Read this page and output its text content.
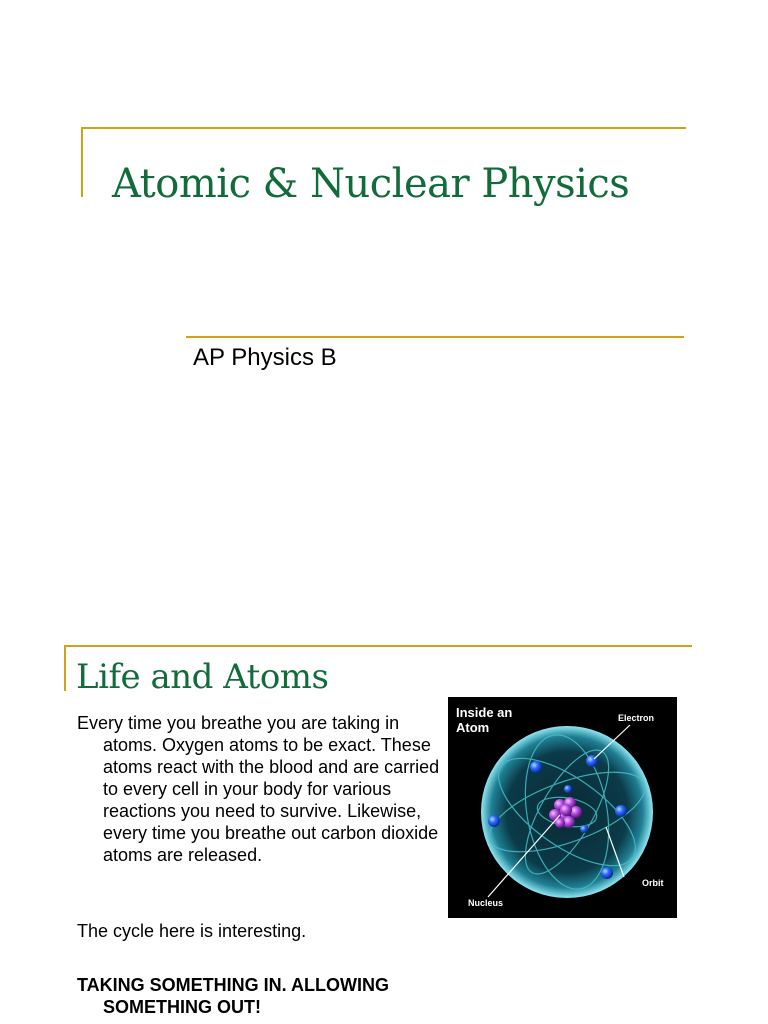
Atomic & Nuclear Physics

AP Physics B

Life and Atoms

Every time you breathe you are taking in atoms. Oxygen atoms to be exact. These atoms react with the blood and are carried to every cell in your body for various reactions you need to survive. Likewise, every time you breathe out carbon dioxide atoms are released.

The cycle here is interesting.

TAKING SOMETHING IN. ALLOWING SOMETHING OUT!

Inside an
Atom
Electron
Orbit
Nucleus
